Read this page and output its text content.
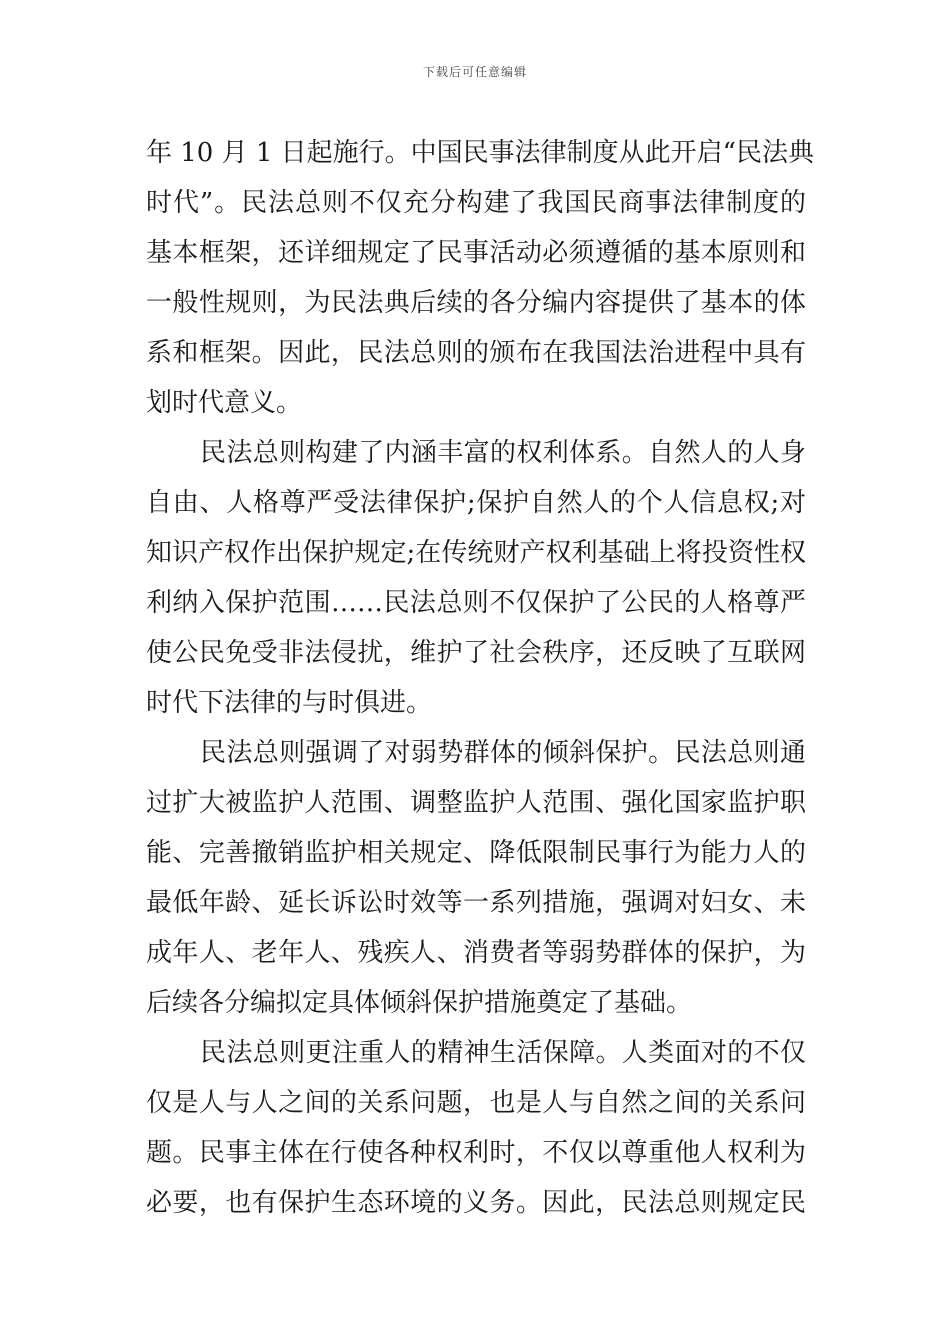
下载后可任意编辑
年 10 月 1 日起施行。中国民事法律制度从此开启“民法典
时代”。民法总则不仅充分构建了我国民商事法律制度的
基本框架，还详细规定了民事活动必须遵循的基本原则和
一般性规则，为民法典后续的各分编内容提供了基本的体
系和框架。因此，民法总则的颁布在我国法治进程中具有
划时代意义。
民法总则构建了内涵丰富的权利体系。自然人的人身
自由、人格尊严受法律保护;保护自然人的个人信息权;对
知识产权作出保护规定;在传统财产权利基础上将投资性权
利纳入保护范围……民法总则不仅保护了公民的人格尊严
使公民免受非法侵扰，维护了社会秩序，还反映了互联网
时代下法律的与时俱进。
民法总则强调了对弱势群体的倾斜保护。民法总则通
过扩大被监护人范围、调整监护人范围、强化国家监护职
能、完善撤销监护相关规定、降低限制民事行为能力人的
最低年龄、延长诉讼时效等一系列措施，强调对妇女、未
成年人、老年人、残疾人、消费者等弱势群体的保护，为
后续各分编拟定具体倾斜保护措施奠定了基础。
民法总则更注重人的精神生活保障。人类面对的不仅
仅是人与人之间的关系问题，也是人与自然之间的关系问
题。民事主体在行使各种权利时，不仅以尊重他人权利为
必要，也有保护生态环境的义务。因此，民法总则规定民
